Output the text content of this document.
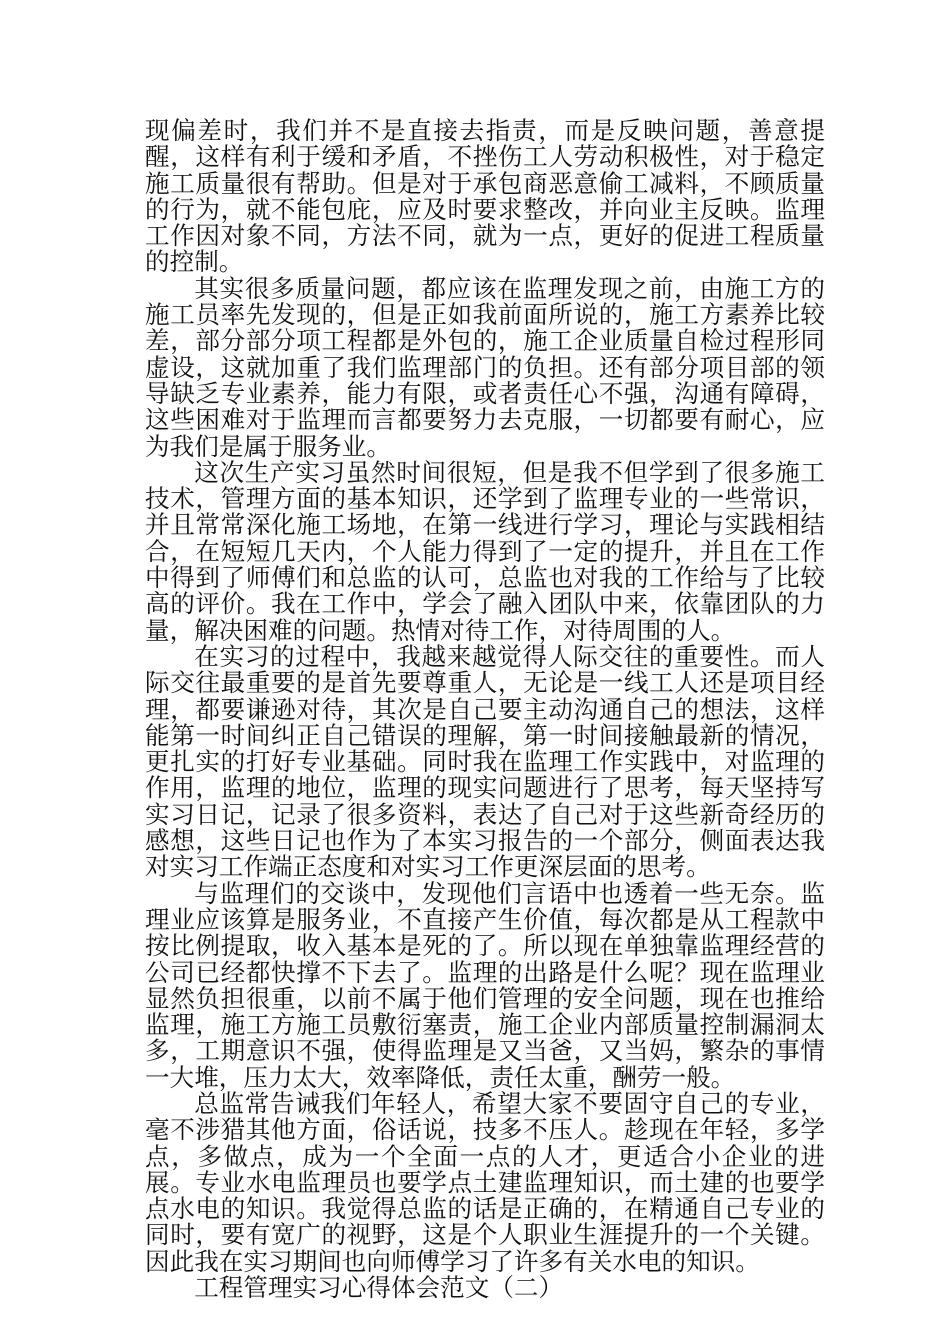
现偏差时，我们并不是直接去指责，而是反映问题，善意提醒，这样有利于缓和矛盾，不挫伤工人劳动积极性，对于稳定施工质量很有帮助。但是对于承包商恶意偷工减料，不顾质量的行为，就不能包庇，应及时要求整改，并向业主反映。监理工作因对象不同，方法不同，就为一点，更好的促进工程质量的控制。

其实很多质量问题，都应该在监理发现之前，由施工方的施工员率先发现的，但是正如我前面所说的，施工方素养比较差，部分部分项工程都是外包的，施工企业质量自检过程形同虚设，这就加重了我们监理部门的负担。还有部分项目部的领导缺乏专业素养，能力有限，或者责任心不强，沟通有障碍，这些困难对于监理而言都要努力去克服，一切都要有耐心，应为我们是属于服务业。

这次生产实习虽然时间很短，但是我不但学到了很多施工技术，管理方面的基本知识，还学到了监理专业的一些常识，并且常常深化施工场地，在第一线进行学习，理论与实践相结合，在短短几天内，个人能力得到了一定的提升，并且在工作中得到了师傅们和总监的认可，总监也对我的工作给与了比较高的评价。我在工作中，学会了融入团队中来，依靠团队的力量，解决困难的问题。热情对待工作，对待周围的人。

在实习的过程中，我越来越觉得人际交往的重要性。而人际交往最重要的是首先要尊重人，无论是一线工人还是项目经理，都要谦逊对待，其次是自己要主动沟通自己的想法，这样能第一时间纠正自己错误的理解，第一时间接触最新的情况，更扎实的打好专业基础。同时我在监理工作实践中，对监理的作用，监理的地位，监理的现实问题进行了思考，每天坚持写实习日记，记录了很多资料，表达了自己对于这些新奇经历的感想，这些日记也作为了本实习报告的一个部分，侧面表达我对实习工作端正态度和对实习工作更深层面的思考。

与监理们的交谈中，发现他们言语中也透着一些无奈。监理业应该算是服务业，不直接产生价值，每次都是从工程款中按比例提取，收入基本是死的了。所以现在单独靠监理经营的公司已经都快撑不下去了。监理的出路是什么呢？现在监理业显然负担很重，以前不属于他们管理的安全问题，现在也推给监理，施工方施工员敷衍塞责，施工企业内部质量控制漏洞太多，工期意识不强，使得监理是又当爸，又当妈，繁杂的事情一大堆，压力太大，效率降低，责任太重，酬劳一般。

总监常告诫我们年轻人，希望大家不要固守自己的专业，毫不涉猎其他方面，俗话说，技多不压人。趁现在年轻，多学点，多做点，成为一个全面一点的人才，更适合小企业的进展。专业水电监理员也要学点土建监理知识，而土建的也要学点水电的知识。我觉得总监的话是正确的，在精通自己专业的同时，要有宽广的视野，这是个人职业生涯提升的一个关键。因此我在实习期间也向师傅学习了许多有关水电的知识。

工程管理实习心得体会范文（二）
